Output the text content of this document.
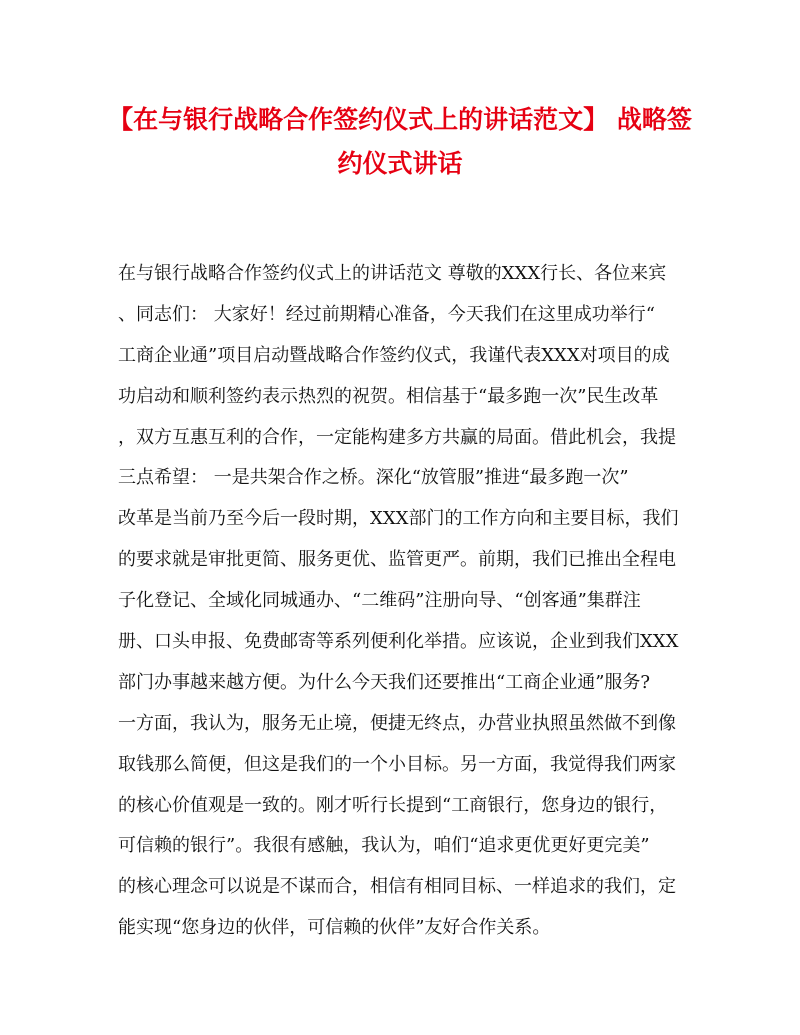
【在与银行战略合作签约仪式上的讲话范文】 战略签
约仪式讲话
在与银行战略合作签约仪式上的讲话范文 尊敬的XXX行长、各位来宾
、同志们： 大家好！经过前期精心准备，今天我们在这里成功举行“
工商企业通”项目启动暨战略合作签约仪式，我谨代表XXX对项目的成
功启动和顺利签约表示热烈的祝贺。相信基于“最多跑一次”民生改革
，双方互惠互利的合作，一定能构建多方共赢的局面。借此机会，我提
三点希望： 一是共架合作之桥。深化“放管服”推进“最多跑一次”
改革是当前乃至今后一段时期，XXX部门的工作方向和主要目标，我们
的要求就是审批更简、服务更优、监管更严。前期，我们已推出全程电
子化登记、全域化同城通办、“二维码”注册向导、“创客通”集群注
册、口头申报、免费邮寄等系列便利化举措。应该说，企业到我们XXX
部门办事越来越方便。为什么今天我们还要推出“工商企业通”服务?
一方面，我认为，服务无止境，便捷无终点，办营业执照虽然做不到像
取钱那么简便，但这是我们的一个小目标。另一方面，我觉得我们两家
的核心价值观是一致的。刚才听行长提到“工商银行，您身边的银行，
可信赖的银行”。我很有感触，我认为，咱们“追求更优更好更完美”
的核心理念可以说是不谋而合，相信有相同目标、一样追求的我们，定
能实现“您身边的伙伴，可信赖的伙伴”友好合作关系。
